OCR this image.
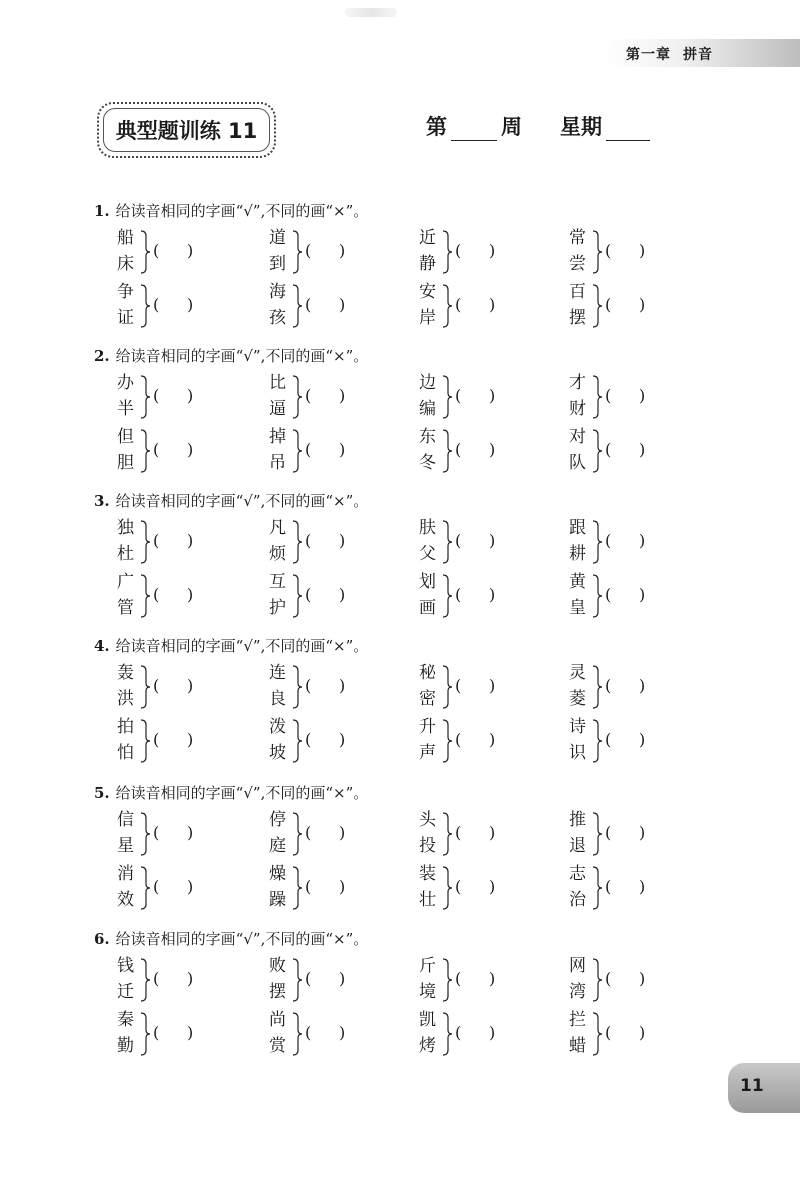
第一章 拼音
典型题训练 11	第	周 星期
1. 给读音相同的字画“√”,不同的画“×”。
船
床
( )
道
到
( )
近
静
( )
常
尝
( )
争
证
( )
海
孩
( )
安
岸
( )
百
摆
( )
2. 给读音相同的字画“√”,不同的画“×”。
办
半
( )
比
逼
( )
边
编
( )
才
财
( )
但
胆
( )
掉
吊
( )
东
冬
( )
对
队
( )
3. 给读音相同的字画“√”,不同的画“×”。
独
杜
( )
凡
烦
( )
肤
父
( )
跟
耕
( )
广
管
( )
互
护
( )
划
画
( )
黄
皇
( )
4. 给读音相同的字画“√”,不同的画“×”。
轰
洪
( )
连
良
( )
秘
密
( )
灵
菱
( )
拍
怕
( )
泼
坡
( )
升
声
( )
诗
识
( )
5. 给读音相同的字画“√”,不同的画“×”。
信
星
( )
停
庭
( )
头
投
( )
推
退
( )
消
效
( )
燥
躁
( )
装
壮
( )
志
治
( )
6. 给读音相同的字画“√”,不同的画“×”。
钱
迁
( )
败
摆
( )
斤
境
( )
网
湾
( )
秦
勤
( )
尚
赏
( )
凯
烤
( )
拦
蜡
( )
11
